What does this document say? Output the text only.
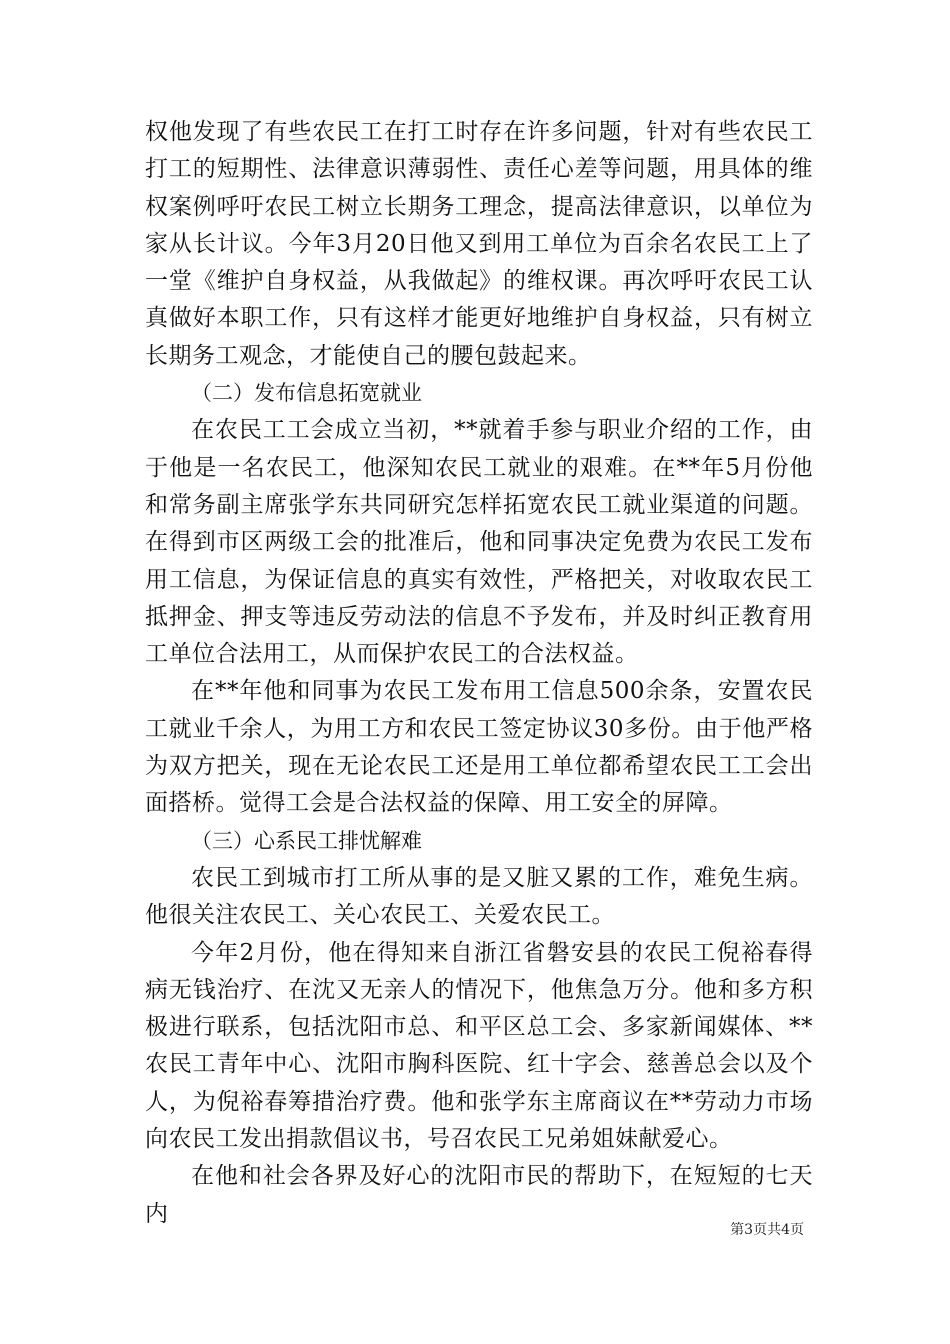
权他发现了有些农民工在打工时存在许多问题，针对有些农民工打工的短期性、法律意识薄弱性、责任心差等问题，用具体的维权案例呼吁农民工树立长期务工理念，提高法律意识，以单位为家从长计议。今年3月20日他又到用工单位为百余名农民工上了一堂《维护自身权益，从我做起》的维权课。再次呼吁农民工认真做好本职工作，只有这样才能更好地维护自身权益，只有树立长期务工观念，才能使自己的腰包鼓起来。

（二）发布信息拓宽就业

在农民工工会成立当初，**就着手参与职业介绍的工作，由于他是一名农民工，他深知农民工就业的艰难。在**年5月份他和常务副主席张学东共同研究怎样拓宽农民工就业渠道的问题。在得到市区两级工会的批准后，他和同事决定免费为农民工发布用工信息，为保证信息的真实有效性，严格把关，对收取农民工抵押金、押支等违反劳动法的信息不予发布，并及时纠正教育用工单位合法用工，从而保护农民工的合法权益。

在**年他和同事为农民工发布用工信息500余条，安置农民工就业千余人，为用工方和农民工签定协议30多份。由于他严格为双方把关，现在无论农民工还是用工单位都希望农民工工会出面搭桥。觉得工会是合法权益的保障、用工安全的屏障。

（三）心系民工排忧解难

农民工到城市打工所从事的是又脏又累的工作，难免生病。他很关注农民工、关心农民工、关爱农民工。

今年2月份，他在得知来自浙江省磐安县的农民工倪裕春得病无钱治疗、在沈又无亲人的情况下，他焦急万分。他和多方积极进行联系，包括沈阳市总、和平区总工会、多家新闻媒体、**农民工青年中心、沈阳市胸科医院、红十字会、慈善总会以及个人，为倪裕春筹措治疗费。他和张学东主席商议在**劳动力市场向农民工发出捐款倡议书，号召农民工兄弟姐妹献爱心。

在他和社会各界及好心的沈阳市民的帮助下，在短短的七天内

第3页共4页
